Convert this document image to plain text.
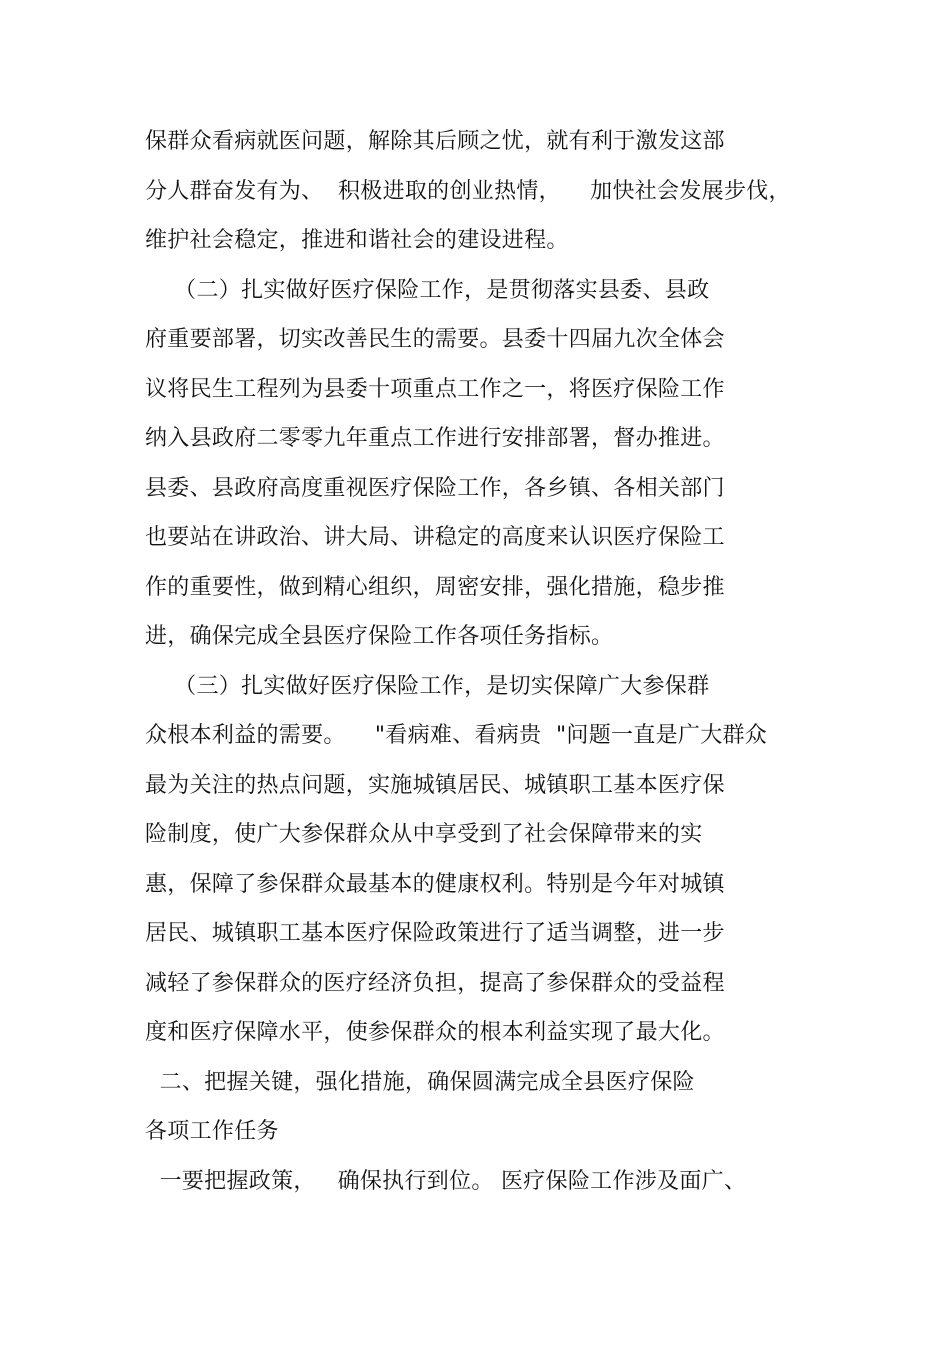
保群众看病就医问题，解除其后顾之忧，就有利于激发这部
分人群奋发有为、  积极进取的创业热情，    加快社会发展步伐，
维护社会稳定，推进和谐社会的建设进程。
（二）扎实做好医疗保险工作，是贯彻落实县委、县政
府重要部署，切实改善民生的需要。县委十四届九次全体会
议将民生工程列为县委十项重点工作之一，将医疗保险工作
纳入县政府二零零九年重点工作进行安排部署，督办推进。
县委、县政府高度重视医疗保险工作，各乡镇、各相关部门
也要站在讲政治、讲大局、讲稳定的高度来认识医疗保险工
作的重要性，做到精心组织，周密安排，强化措施，稳步推
进，确保完成全县医疗保险工作各项任务指标。
（三）扎实做好医疗保险工作，是切实保障广大参保群
众根本利益的需要。    "看病难、看病贵  "问题一直是广大群众
最为关注的热点问题，实施城镇居民、城镇职工基本医疗保
险制度，使广大参保群众从中享受到了社会保障带来的实
惠，保障了参保群众最基本的健康权利。特别是今年对城镇
居民、城镇职工基本医疗保险政策进行了适当调整，进一步
减轻了参保群众的医疗经济负担，提高了参保群众的受益程
度和医疗保障水平，使参保群众的根本利益实现了最大化。
二、把握关键，强化措施，确保圆满完成全县医疗保险
各项工作任务
一要把握政策，   确保执行到位。 医疗保险工作涉及面广、
